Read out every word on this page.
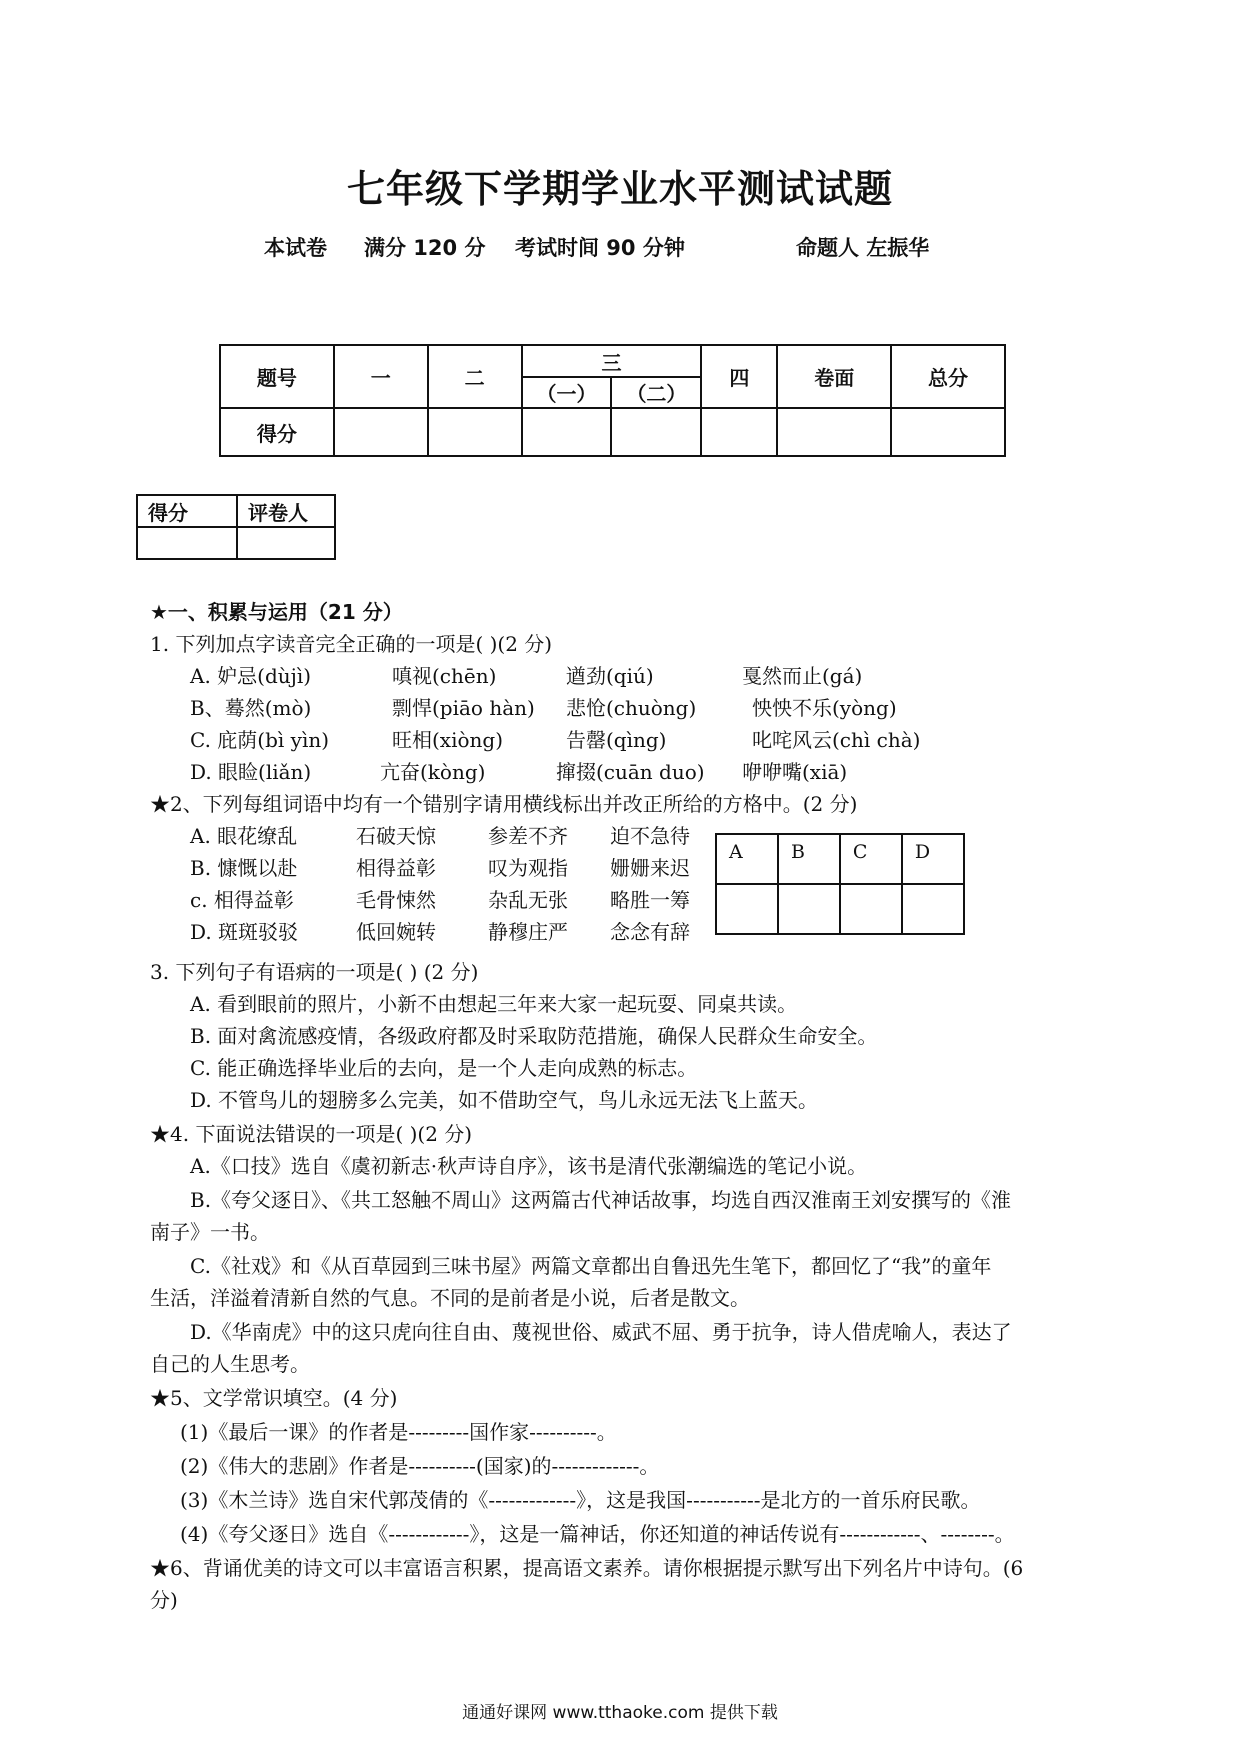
七年级下学期学业水平测试试题
本试卷 满分 120 分 考试时间 90 分钟	命题人 左振华
题号	一	二	三		四	卷面	总分
			（一）	（二）			
得分							
得分	评卷人

★一、积累与运用（21 分）
1. 下列加点字读音完全正确的一项是( )(2 分)
A. 妒忌(dùjì)	嗔视(chēn)	遒劲(qiú)	戛然而止(gá)
B、蓦然(mò)	剽悍(piāo hàn) 悲怆(chuòng)	怏怏不乐(yòng)
C. 庇荫(bì yìn)	旺相(xiòng)	告罄(qìng)	叱咤风云(chì chà)
D. 眼睑(liǎn)	亢奋(kòng)	撺掇(cuān duo) 咿咿嘴(xiā)
★2、下列每组词语中均有一个错别字请用横线标出并改正所给的方格中。(2 分)
A. 眼花缭乱	石破天惊	参差不齐 迫不急待
B. 慷慨以赴	相得益彰	叹为观指 姗姗来迟
c. 相得益彰	毛骨悚然	杂乱无张 略胜一筹
D. 斑斑驳驳	低回婉转	静穆庄严 念念有辞
A	B	C	D

3. 下列句子有语病的一项是( ) (2 分)
A. 看到眼前的照片，小新不由想起三年来大家一起玩耍、同桌共读。
B. 面对禽流感疫情，各级政府都及时采取防范措施，确保人民群众生命安全。
C. 能正确选择毕业后的去向，是一个人走向成熟的标志。
D. 不管鸟儿的翅膀多么完美，如不借助空气，鸟儿永远无法飞上蓝天。
★4. 下面说法错误的一项是( )(2 分)
A.《口技》选自《虞初新志·秋声诗自序》，该书是清代张潮编选的笔记小说。
B.《夸父逐日》、《共工怒触不周山》这两篇古代神话故事，均选自西汉淮南王刘安撰写的《淮
南子》一书。
C.《社戏》和《从百草园到三味书屋》两篇文章都出自鲁迅先生笔下，都回忆了“我”的童年
生活，洋溢着清新自然的气息。不同的是前者是小说，后者是散文。
D.《华南虎》中的这只虎向往自由、蔑视世俗、威武不屈、勇于抗争，诗人借虎喻人，表达了
自己的人生思考。
★5、文学常识填空。(4 分)
(1)《最后一课》的作者是---------国作家----------。
(2)《伟大的悲剧》作者是----------(国家)的-------------。
(3)《木兰诗》选自宋代郭茂倩的《-------------》，这是我国-----------是北方的一首乐府民歌。
(4)《夸父逐日》选自《------------》，这是一篇神话，你还知道的神话传说有------------、--------。
★6、背诵优美的诗文可以丰富语言积累，提高语文素养。请你根据提示默写出下列名片中诗句。(6
分)
通通好课网 www.tthaoke.com 提供下载
